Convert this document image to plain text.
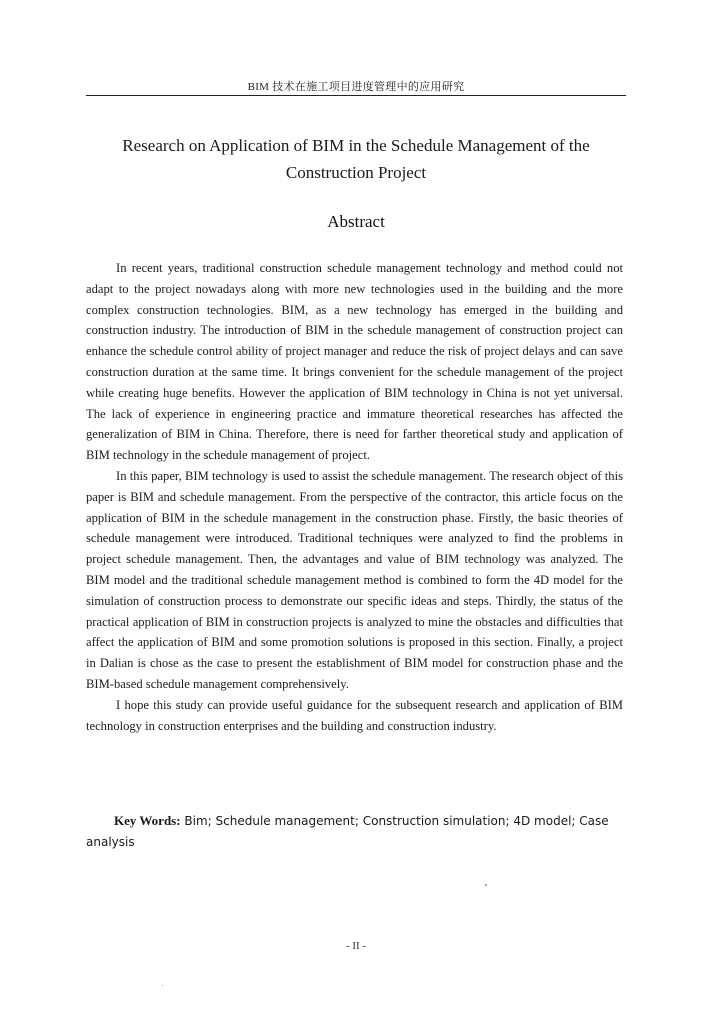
BIM 技术在施工项目进度管理中的应用研究
Research on Application of BIM in the Schedule Management of the
Construction Project
Abstract

In recent years, traditional construction schedule management technology and method could not adapt to the project nowadays along with more new technologies used in the building and the more complex construction technologies. BIM, as a new technology has emerged in the building and construction industry. The introduction of BIM in the schedule management of construction project can enhance the schedule control ability of project manager and reduce the risk of project delays and can save construction duration at the same time. It brings convenient for the schedule management of the project while creating huge benefits. However the application of BIM technology in China is not yet universal. The lack of experience in engineering practice and immature theoretical researches has affected the generalization of BIM in China. Therefore, there is need for farther theoretical study and application of BIM technology in the schedule management of project.

In this paper, BIM technology is used to assist the schedule management. The research object of this paper is BIM and schedule management. From the perspective of the contractor, this article focus on the application of BIM in the schedule management in the construction phase. Firstly, the basic theories of schedule management were introduced. Traditional techniques were analyzed to find the problems in project schedule management. Then, the advantages and value of BIM technology was analyzed. The BIM model and the traditional schedule management method is combined to form the 4D model for the simulation of construction process to demonstrate our specific ideas and steps. Thirdly, the status of the practical application of BIM in construction projects is analyzed to mine the obstacles and difficulties that affect the application of BIM and some promotion solutions is proposed in this section. Finally, a project in Dalian is chose as the case to present the establishment of BIM model for construction phase and the BIM-based schedule management comprehensively.

I hope this study can provide useful guidance for the subsequent research and application of BIM technology in construction enterprises and the building and construction industry.

Key Words: Bim; Schedule management; Construction simulation; 4D model; Case analysis
- II -
